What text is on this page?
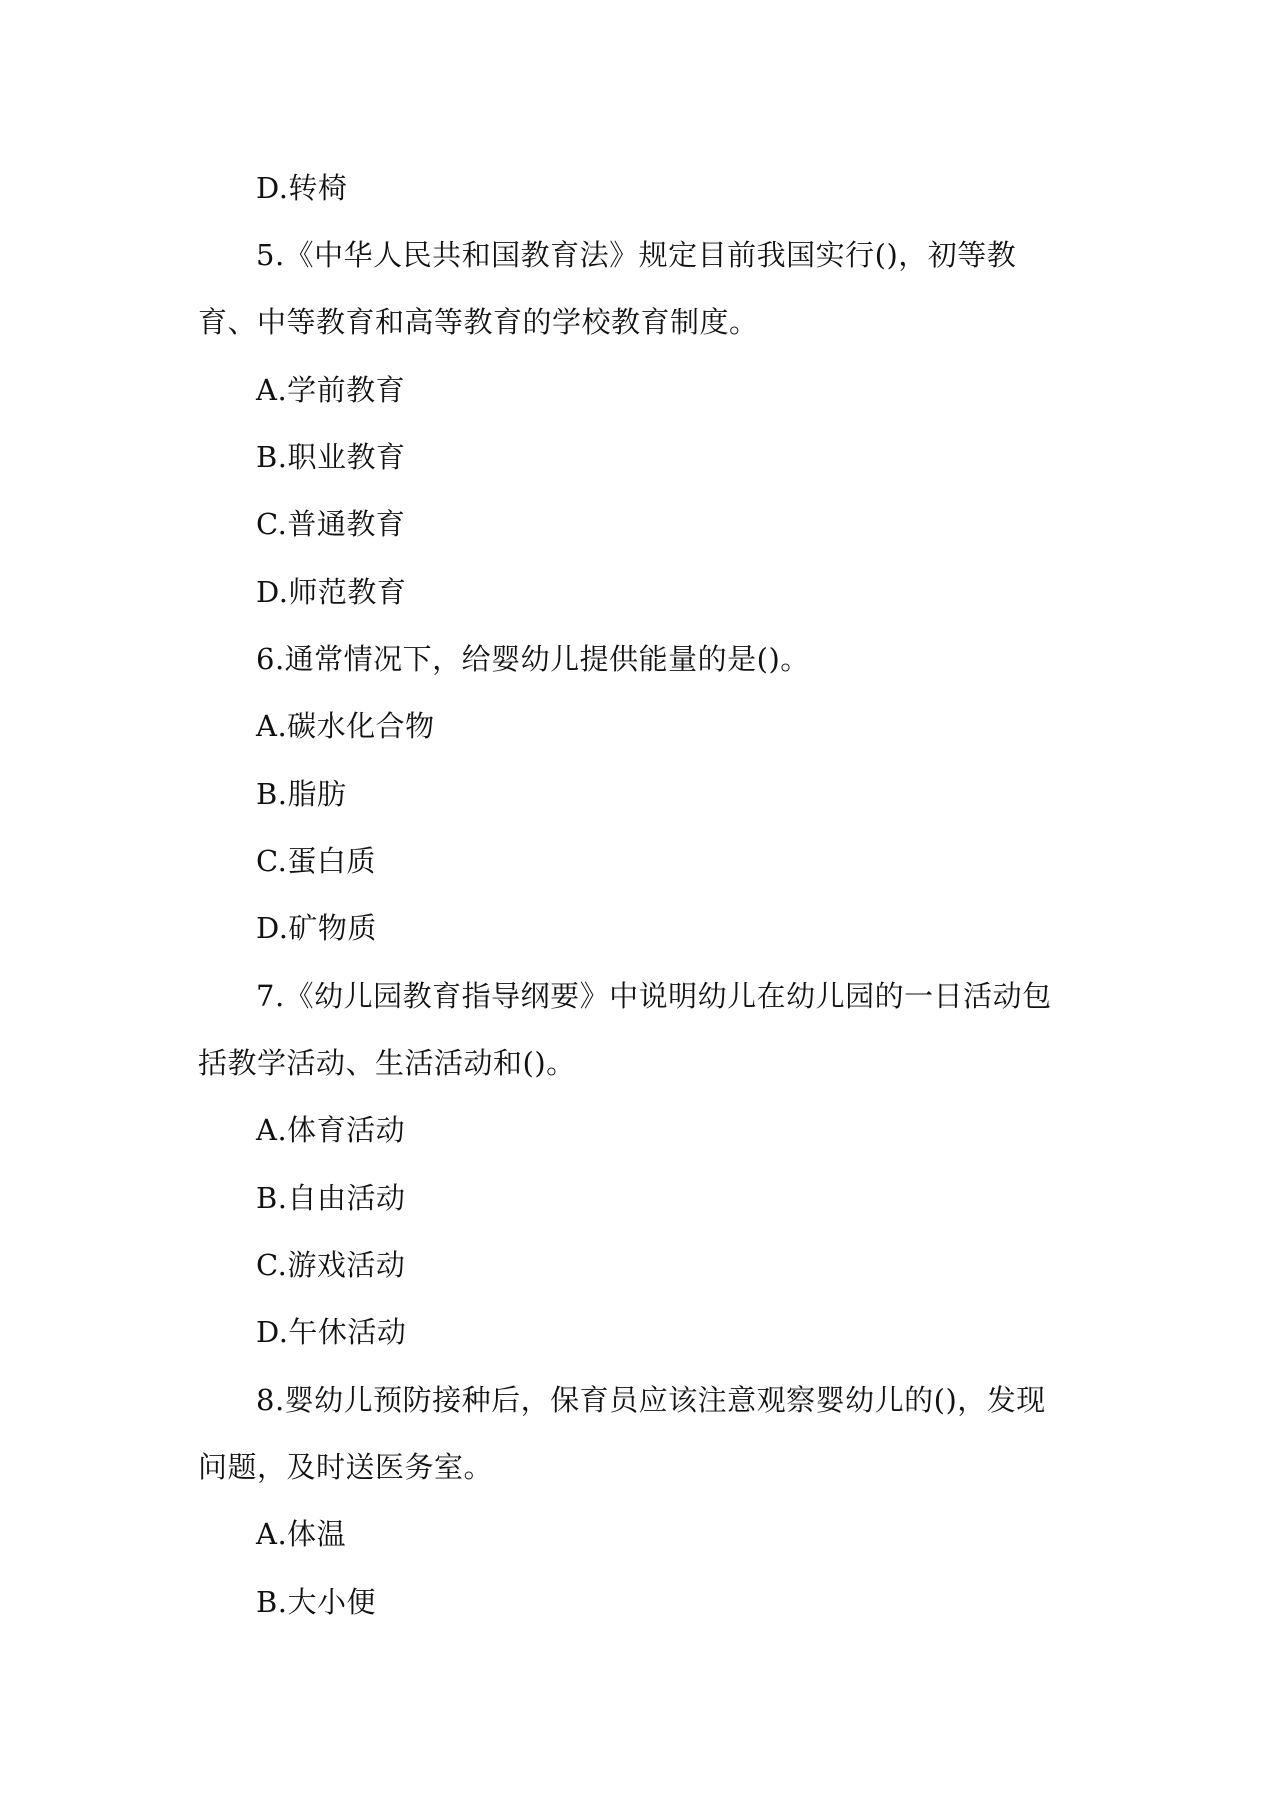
D.转椅
5.《中华人民共和国教育法》规定目前我国实行()，初等教
育、中等教育和高等教育的学校教育制度。
A.学前教育
B.职业教育
C.普通教育
D.师范教育
6.通常情况下，给婴幼儿提供能量的是()。
A.碳水化合物
B.脂肪
C.蛋白质
D.矿物质
7.《幼儿园教育指导纲要》中说明幼儿在幼儿园的一日活动包
括教学活动、生活活动和()。
A.体育活动
B.自由活动
C.游戏活动
D.午休活动
8.婴幼儿预防接种后，保育员应该注意观察婴幼儿的()，发现
问题，及时送医务室。
A.体温
B.大小便
